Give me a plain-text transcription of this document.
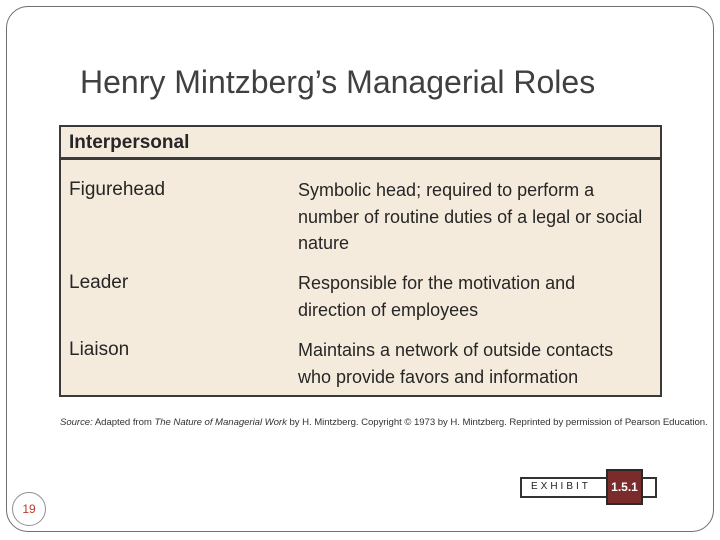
Henry Mintzberg’s Managerial Roles
Interpersonal
Figurehead	Symbolic head; required to perform a number of routine duties of a legal or social nature
Leader	Responsible for the motivation and direction of employees
Liaison	Maintains a network of outside contacts who provide favors and information
Source: Adapted from The Nature of Managerial Work by H. Mintzberg. Copyright © 1973 by H. Mintzberg. Reprinted by permission of Pearson Education.
EXHIBIT	1.5.1
19
